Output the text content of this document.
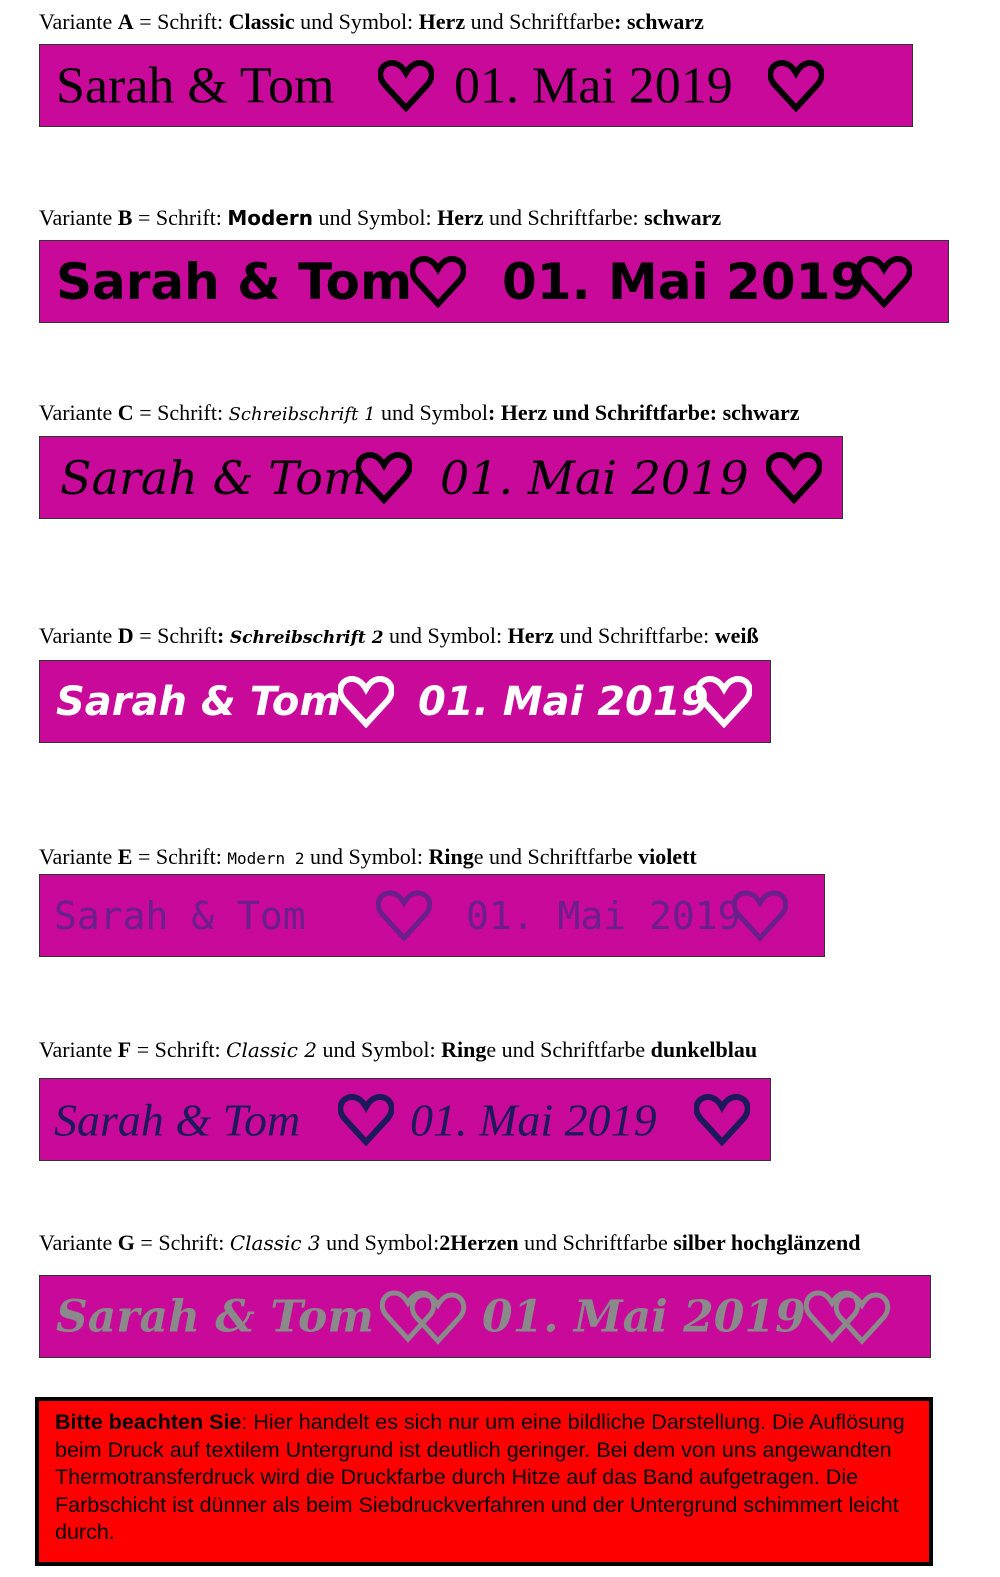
Variante A = Schrift: Classic und Symbol: Herz und Schriftfarbe: schwarz
Sarah & Tom 01. Mai 2019
Variante B = Schrift: Modern und Symbol: Herz und Schriftfarbe: schwarz
Sarah & Tom 01. Mai 2019
Variante C = Schrift: Schreibschrift 1 und Symbol: Herz und Schriftfarbe: schwarz
Sarah & Tom 01. Mai 2019
Variante D = Schrift: Schreibschrift 2 und Symbol: Herz und Schriftfarbe: weiß
Sarah & Tom 01. Mai 2019
Variante E = Schrift: Modern 2 und Symbol: Ringe und Schriftfarbe violett
Sarah & Tom	01. Mai 2019
Variante F = Schrift: Classic 2 und Symbol: Ringe und Schriftfarbe dunkelblau
Sarah & Tom 01. Mai 2019
Variante G = Schrift: Classic 3 und Symbol:2Herzen und Schriftfarbe silber hochglänzend
Sarah & Tom 01. Mai 2019
Bitte beachten Sie: Hier handelt es sich nur um eine bildliche Darstellung. Die Auflösung beim Druck auf textilem Untergrund ist deutlich geringer. Bei dem von uns angewandten Thermotransferdruck wird die Druckfarbe durch Hitze auf das Band aufgetragen. Die Farbschicht ist dünner als beim Siebdruckverfahren und der Untergrund schimmert leicht durch.
